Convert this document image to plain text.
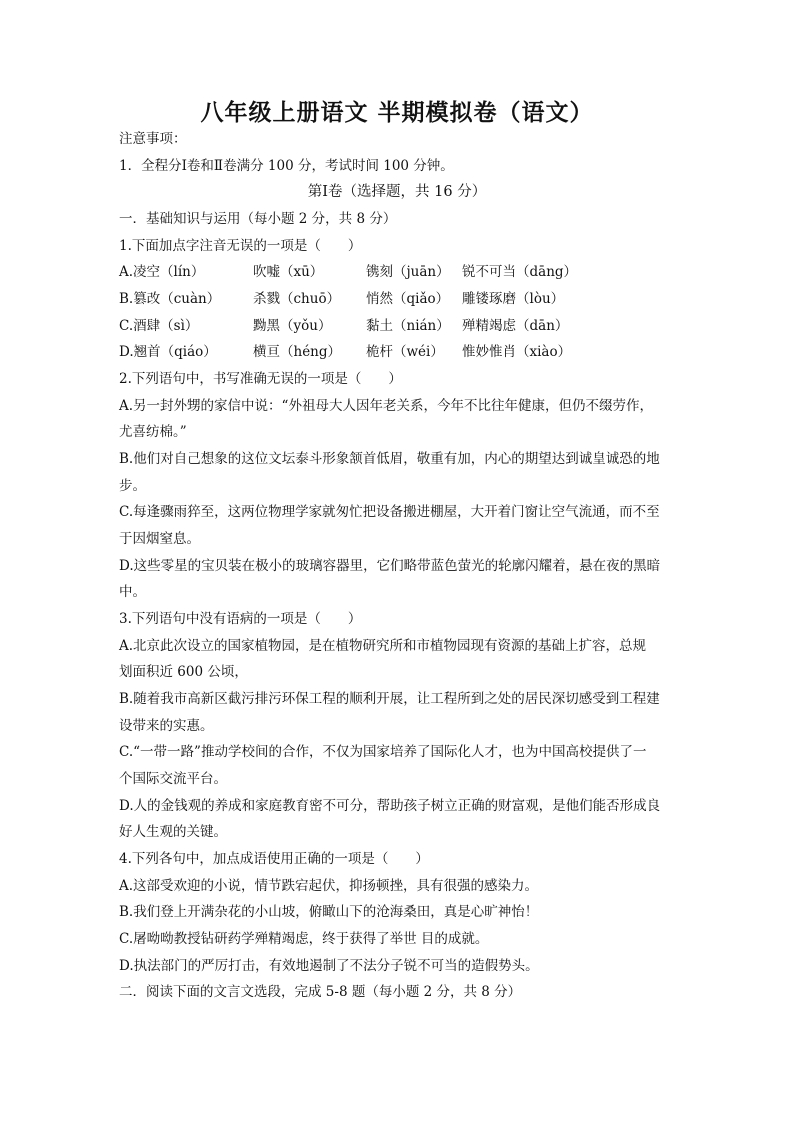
八年级上册语文 半期模拟卷（语文）
注意事项：
1．全程分Ⅰ卷和Ⅱ卷满分 100 分，考试时间 100 分钟。
第Ⅰ卷（选择题，共 16 分）
一．基础知识与运用（每小题 2 分，共 8 分）
1.下面加点字注音无误的一项是（　　）
A.凌空（lín）	吹嘘（xū）	镌刻（juān） 锐不可当（dāng）
B.篡改（cuàn） 杀戮（chuō） 悄然（qiǎo） 雕镂琢磨（lòu）
C.酒肆（sì）	黝黑（yǒu）	黏土（nián） 殚精竭虑（dān）
D.翘首（qiáo）	横亘（héng） 桅杆（wéi） 惟妙惟肖（xiào）
2.下列语句中，书写准确无误的一项是（　　）
A.另一封外甥的家信中说：“外祖母大人因年老关系，今年不比往年健康，但仍不缀劳作，
尤喜纺棉。”
B.他们对自己想象的这位文坛泰斗形象颔首低眉，敬重有加，内心的期望达到诚皇诚恐的地
步。
C.每逢骤雨猝至，这两位物理学家就匆忙把设备搬进棚屋，大开着门窗让空气流通，而不至
于因烟窒息。
D.这些零星的宝贝装在极小的玻璃容器里，它们略带蓝色萤光的轮廓闪耀着，悬在夜的黑暗
中。
3.下列语句中没有语病的一项是（　　）
A.北京此次设立的国家植物园，是在植物研究所和市植物园现有资源的基础上扩容，总规
划面积近 600 公顷，
B.随着我市高新区截污排污环保工程的顺利开展，让工程所到之处的居民深切感受到工程建
设带来的实惠。
C.“一带一路”推动学校间的合作，不仅为国家培养了国际化人才，也为中国高校提供了一
个国际交流平台。
D.人的金钱观的养成和家庭教育密不可分，帮助孩子树立正确的财富观，是他们能否形成良
好人生观的关键。
4.下列各句中，加点成语使用正确的一项是（　　）
A.这部受欢迎的小说，情节跌宕起伏，抑扬顿挫，具有很强的感染力。
B.我们登上开满杂花的小山坡，俯瞰山下的沧海桑田，真是心旷神怡！
C.屠呦呦教授钻研药学殚精竭虑，终于获得了举世 目的成就。
D.执法部门的严厉打击，有效地遏制了不法分子锐不可当的造假势头。
二．阅读下面的文言文选段，完成 5-8 题（每小题 2 分，共 8 分）
